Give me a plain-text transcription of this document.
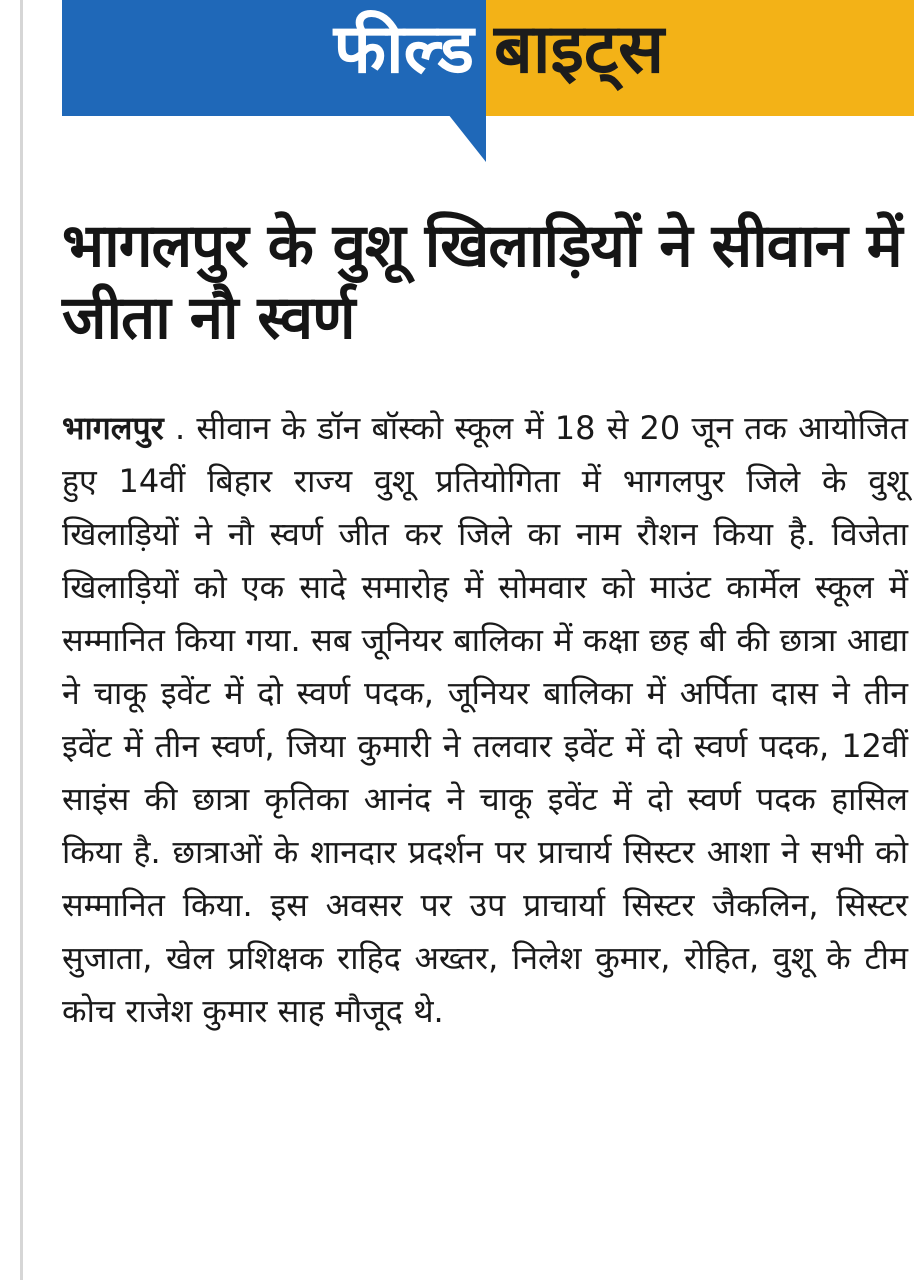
फील्ड बाइट्स
भागलपुर के वुशू खिलाड़ियों ने सीवान में जीता नौ स्वर्ण

भागलपुर . सीवान के डॉन बॉस्को स्कूल में 18 से 20 जून तक आयोजित हुए 14वीं बिहार राज्य वुशू प्रतियोगिता में भागलपुर जिले के वुशू खिलाड़ियों ने नौ स्वर्ण जीत कर जिले का नाम रौशन किया है. विजेता खिलाड़ियों को एक सादे समारोह में सोमवार को माउंट कार्मेल स्कूल में सम्मानित किया गया. सब जूनियर बालिका में कक्षा छह बी की छात्रा आद्या ने चाकू इवेंट में दो स्वर्ण पदक, जूनियर बालिका में अर्पिता दास ने तीन इवेंट में तीन स्वर्ण, जिया कुमारी ने तलवार इवेंट में दो स्वर्ण पदक, 12वीं साइंस की छात्रा कृतिका आनंद ने चाकू इवेंट में दो स्वर्ण पदक हासिल किया है. छात्राओं के शानदार प्रदर्शन पर प्राचार्य सिस्टर आशा ने सभी को सम्मानित किया. इस अवसर पर उप प्राचार्या सिस्टर जैकलिन, सिस्टर सुजाता, खेल प्रशिक्षक राहिद अख्तर, निलेश कुमार, रोहित, वुशू के टीम कोच राजेश कुमार साह मौजूद थे.
